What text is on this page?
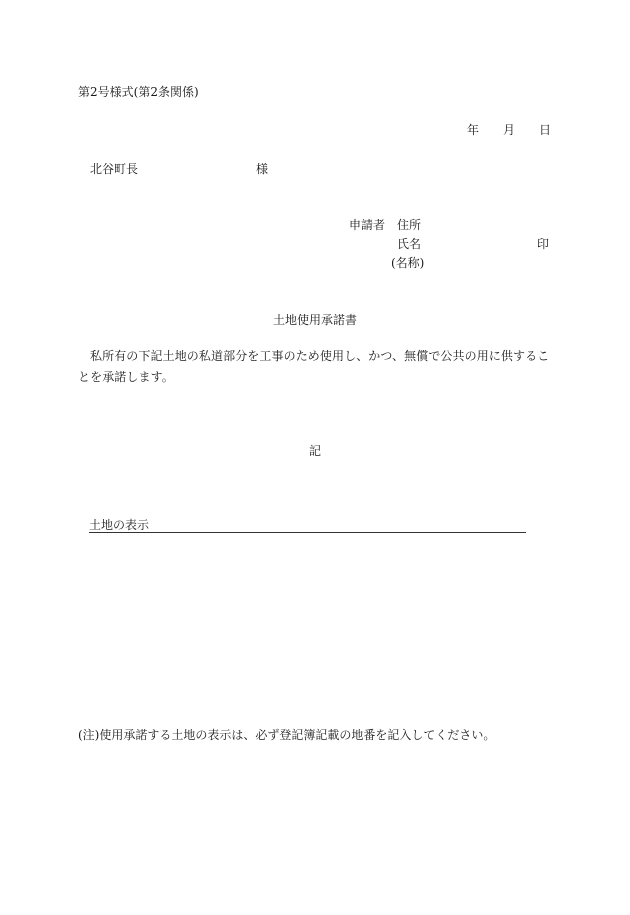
第2号様式(第2条関係)
年 月 日
北谷町長	様
申請者 住所
氏名	印
(名称)
土地使用承諾書
私所有の下記土地の私道部分を工事のため使用し、かつ、無償で公共の用に供することを承諾します。
記
土地の表示
(注)使用承諾する土地の表示は、必ず登記簿記載の地番を記入してください。
